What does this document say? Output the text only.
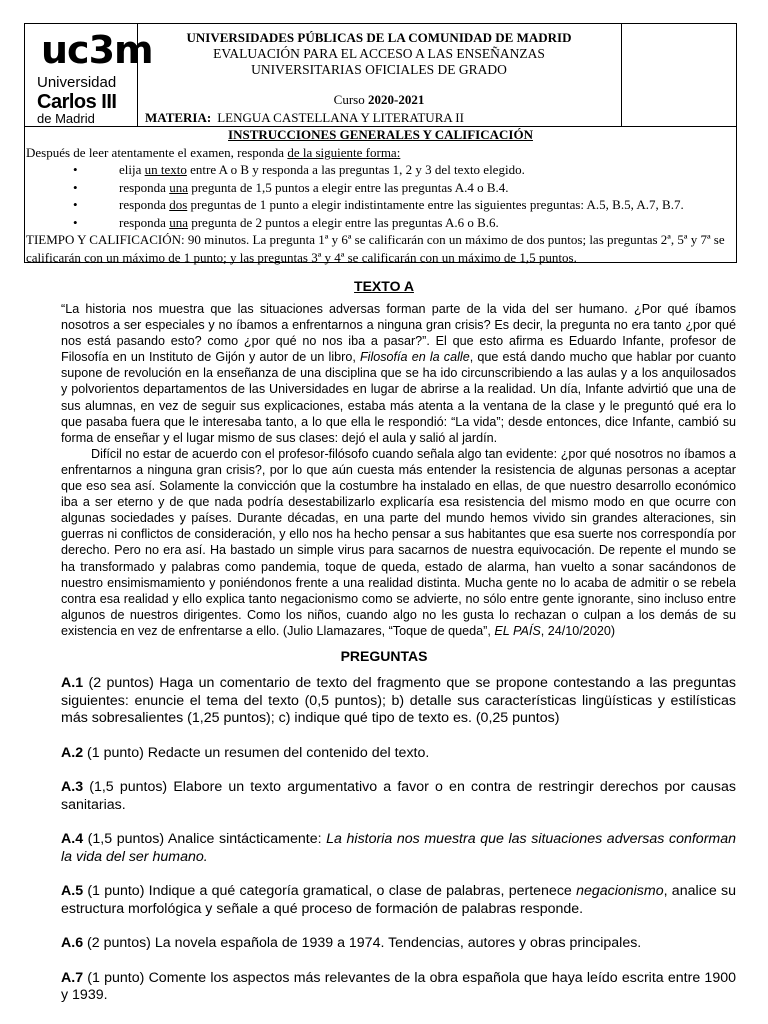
uc3m
Universidad
Carlos III
de Madrid
UNIVERSIDADES PÚBLICAS DE LA COMUNIDAD DE MADRID
EVALUACIÓN PARA EL ACCESO A LAS ENSEÑANZAS
UNIVERSITARIAS OFICIALES DE GRADO
Curso 2020-2021
MATERIA: LENGUA CASTELLANA Y LITERATURA II
INSTRUCCIONES GENERALES Y CALIFICACIÓN

Después de leer atentamente el examen, responda de la siguiente forma:

•	elija un texto entre A o B y responda a las preguntas 1, 2 y 3 del texto elegido.
•	responda una pregunta de 1,5 puntos a elegir entre las preguntas A.4 o B.4.
•	responda dos preguntas de 1 punto a elegir indistintamente entre las siguientes preguntas: A.5, B.5, A.7, B.7.
•	responda una pregunta de 2 puntos a elegir entre las preguntas A.6 o B.6.

TIEMPO Y CALIFICACIÓN: 90 minutos. La pregunta 1ª y 6ª se calificarán con un máximo de dos puntos; las preguntas 2ª, 5ª y 7ª se calificarán con un máximo de 1 punto; y las preguntas 3ª y 4ª se calificarán con un máximo de 1,5 puntos.

TEXTO A

“La historia nos muestra que las situaciones adversas forman parte de la vida del ser humano. ¿Por qué íbamos nosotros a ser especiales y no íbamos a enfrentarnos a ninguna gran crisis? Es decir, la pregunta no era tanto ¿por qué nos está pasando esto? como ¿por qué no nos iba a pasar?”. El que esto afirma es Eduardo Infante, profesor de Filosofía en un Instituto de Gijón y autor de un libro, Filosofía en la calle, que está dando mucho que hablar por cuanto supone de revolución en la enseñanza de una disciplina que se ha ido circunscribiendo a las aulas y a los anquilosados y polvorientos departamentos de las Universidades en lugar de abrirse a la realidad. Un día, Infante advirtió que una de sus alumnas, en vez de seguir sus explicaciones, estaba más atenta a la ventana de la clase y le preguntó qué era lo que pasaba fuera que le interesaba tanto, a lo que ella le respondió: “La vida”; desde entonces, dice Infante, cambió su forma de enseñar y el lugar mismo de sus clases: dejó el aula y salió al jardín.

Difícil no estar de acuerdo con el profesor-filósofo cuando señala algo tan evidente: ¿por qué nosotros no íbamos a enfrentarnos a ninguna gran crisis?, por lo que aún cuesta más entender la resistencia de algunas personas a aceptar que eso sea así. Solamente la convicción que la costumbre ha instalado en ellas, de que nuestro desarrollo económico iba a ser eterno y de que nada podría desestabilizarlo explicaría esa resistencia del mismo modo en que ocurre con algunas sociedades y países. Durante décadas, en una parte del mundo hemos vivido sin grandes alteraciones, sin guerras ni conflictos de consideración, y ello nos ha hecho pensar a sus habitantes que esa suerte nos correspondía por derecho. Pero no era así. Ha bastado un simple virus para sacarnos de nuestra equivocación. De repente el mundo se ha transformado y palabras como pandemia, toque de queda, estado de alarma, han vuelto a sonar sacándonos de nuestro ensimismamiento y poniéndonos frente a una realidad distinta. Mucha gente no lo acaba de admitir o se rebela contra esa realidad y ello explica tanto negacionismo como se advierte, no sólo entre gente ignorante, sino incluso entre algunos de nuestros dirigentes. Como los niños, cuando algo no les gusta lo rechazan o culpan a los demás de su existencia en vez de enfrentarse a ello. (Julio Llamazares, “Toque de queda”, EL PAÍS, 24/10/2020)

PREGUNTAS

A.1 (2 puntos) Haga un comentario de texto del fragmento que se propone contestando a las preguntas siguientes: enuncie el tema del texto (0,5 puntos); b) detalle sus características lingüísticas y estilísticas más sobresalientes (1,25 puntos); c) indique qué tipo de texto es. (0,25 puntos)

A.2 (1 punto) Redacte un resumen del contenido del texto.

A.3 (1,5 puntos) Elabore un texto argumentativo a favor o en contra de restringir derechos por causas sanitarias.

A.4 (1,5 puntos) Analice sintácticamente: La historia nos muestra que las situaciones adversas conforman la vida del ser humano.

A.5 (1 punto) Indique a qué categoría gramatical, o clase de palabras, pertenece negacionismo, analice su estructura morfológica y señale a qué proceso de formación de palabras responde.

A.6 (2 puntos) La novela española de 1939 a 1974. Tendencias, autores y obras principales.

A.7 (1 punto) Comente los aspectos más relevantes de la obra española que haya leído escrita entre 1900 y 1939.
